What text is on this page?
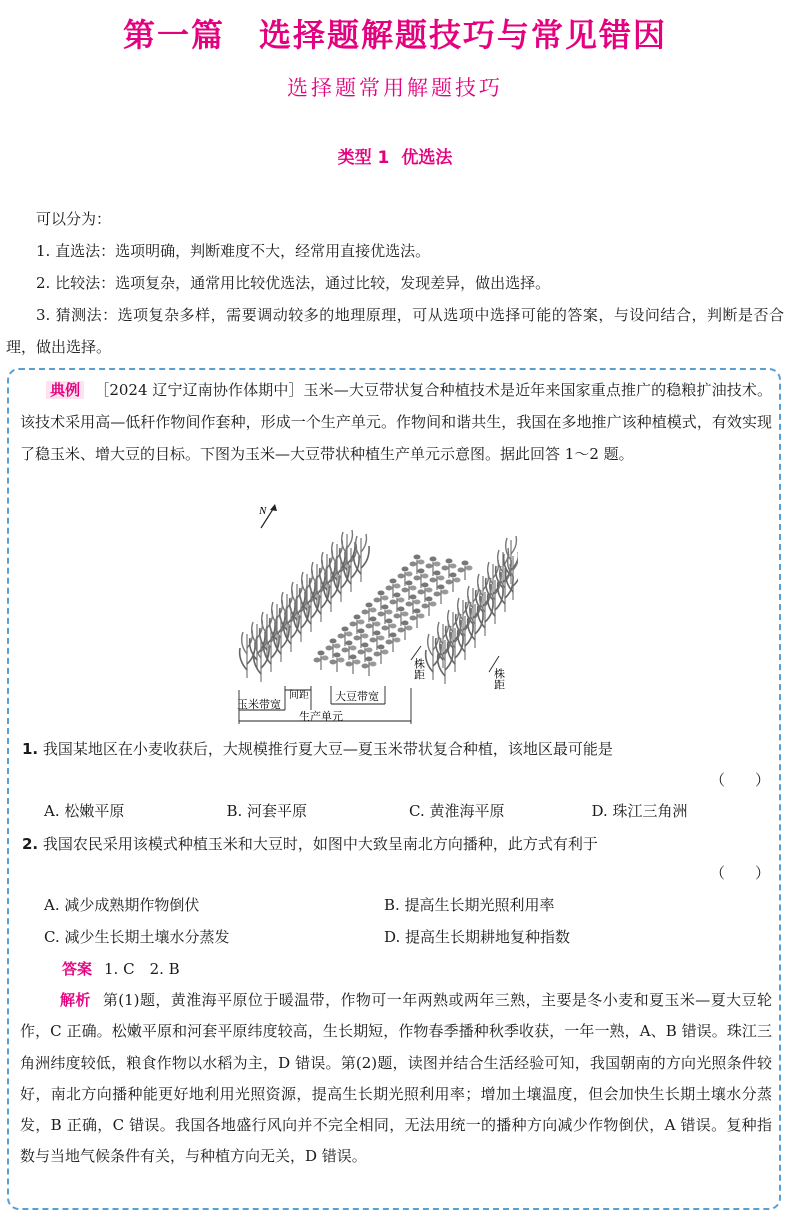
第一篇　选择题解题技巧与常见错因
选择题常用解题技巧
类型 1 优选法
可以分为：
1. 直选法：选项明确，判断难度不大，经常用直接优选法。
2. 比较法：选项复杂，通常用比较优选法，通过比较，发现差异，做出选择。
3. 猜测法：选项复杂多样，需要调动较多的地理原理，可从选项中选择可能的答案，与设问结合，判断是否合理，做出选择。
典例 ［2024 辽宁辽南协作体期中］玉米—大豆带状复合种植技术是近年来国家重点推广的稳粮扩油技术。该技术采用高—低秆作物间作套种，形成一个生产单元。作物间和谐共生，我国在多地推广该种植模式，有效实现了稳玉米、增大豆的目标。下图为玉米—大豆带状种植生产单元示意图。据此回答 1～2 题。
N
间距 大豆带宽
玉米带宽
生产单元
株距	株距
1. 我国某地区在小麦收获后，大规模推行夏大豆—夏玉米带状复合种植，该地区最可能是
（　　）
A. 松嫩平原	B. 河套平原	C. 黄淮海平原	D. 珠江三角洲
2. 我国农民采用该模式种植玉米和大豆时，如图中大致呈南北方向播种，此方式有利于
（　　）
A. 减少成熟期作物倒伏	B. 提高生长期光照利用率
C. 减少生长期土壤水分蒸发	D. 提高生长期耕地复种指数
答案 1. C　2. B
解析 第(1)题，黄淮海平原位于暖温带，作物可一年两熟或两年三熟，主要是冬小麦和夏玉米—夏大豆轮作，C 正确。松嫩平原和河套平原纬度较高，生长期短，作物春季播种秋季收获，一年一熟，A、B 错误。珠江三角洲纬度较低，粮食作物以水稻为主，D 错误。第(2)题，读图并结合生活经验可知，我国朝南的方向光照条件较好，南北方向播种能更好地利用光照资源，提高生长期光照利用率；增加土壤温度，但会加快生长期土壤水分蒸发，B 正确，C 错误。我国各地盛行风向并不完全相同，无法用统一的播种方向减少作物倒伏，A 错误。复种指数与当地气候条件有关，与种植方向无关，D 错误。
